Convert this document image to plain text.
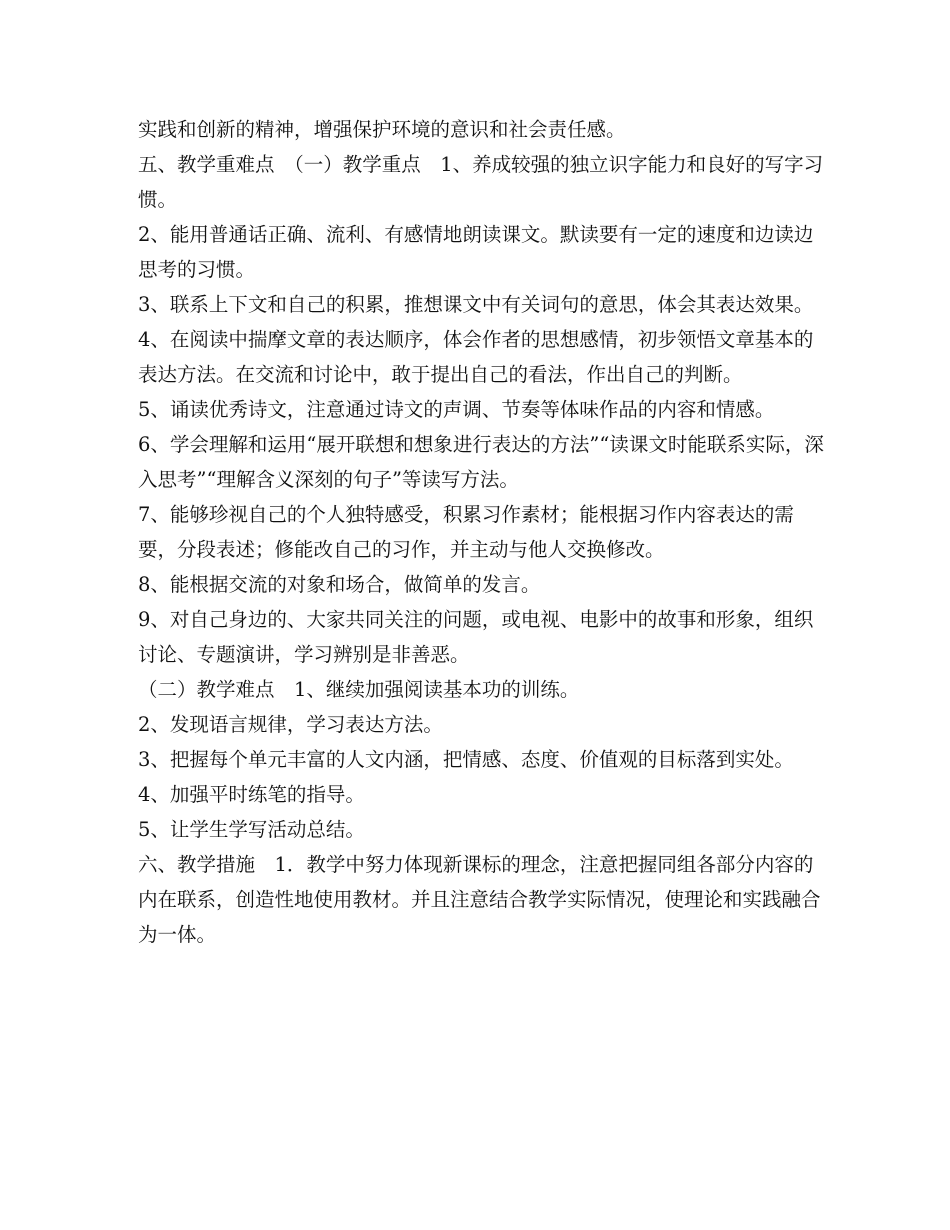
实践和创新的精神，增强保护环境的意识和社会责任感。

五、教学重难点　（一）教学重点　1、养成较强的独立识字能力和良好的写字习惯。

2、能用普通话正确、流利、有感情地朗读课文。默读要有一定的速度和边读边思考的习惯。

3、联系上下文和自己的积累，推想课文中有关词句的意思，体会其表达效果。

4、在阅读中揣摩文章的表达顺序，体会作者的思想感情，初步领悟文章基本的表达方法。在交流和讨论中，敢于提出自己的看法，作出自己的判断。

5、诵读优秀诗文，注意通过诗文的声调、节奏等体味作品的内容和情感。

6、学会理解和运用“展开联想和想象进行表达的方法”“读课文时能联系实际，深入思考”“理解含义深刻的句子”等读写方法。

7、能够珍视自己的个人独特感受，积累习作素材；能根据习作内容表达的需要，分段表述；修能改自己的习作，并主动与他人交换修改。

8、能根据交流的对象和场合，做简单的发言。

9、对自己身边的、大家共同关注的问题，或电视、电影中的故事和形象，组织讨论、专题演讲，学习辨别是非善恶。

（二）教学难点　1、继续加强阅读基本功的训练。

2、发现语言规律，学习表达方法。

3、把握每个单元丰富的人文内涵，把情感、态度、价值观的目标落到实处。

4、加强平时练笔的指导。

5、让学生学写活动总结。

六、教学措施　1．教学中努力体现新课标的理念，注意把握同组各部分内容的内在联系，创造性地使用教材。并且注意结合教学实际情况，使理论和实践融合为一体。
